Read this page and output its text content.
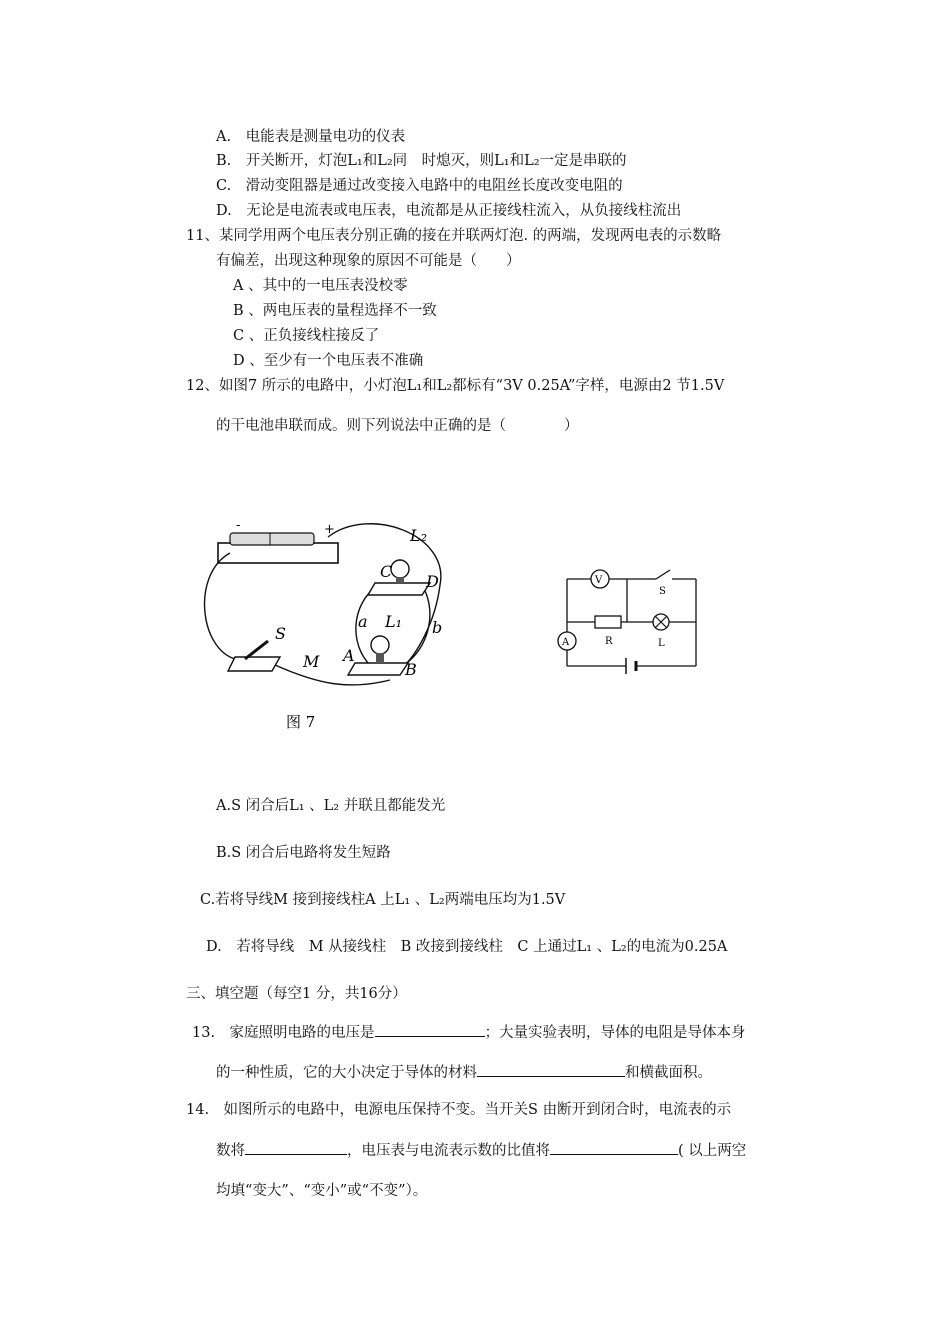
A.　电能表是测量电功的仪表
B.　开关断开，灯泡L₁和L₂同　时熄灭，则L₁和L₂一定是串联的
C.　滑动变阻器是通过改变接入电路中的电阻丝长度改变电阻的
D.　无论是电流表或电压表，电流都是从正接线柱流入，从负接线柱流出
11、某同学用两个电压表分别正确的接在并联两灯泡. 的两端，发现两电表的示数略
有偏差，出现这种现象的原因不可能是（　　）
A 、其中的一电压表没校零
B 、两电压表的量程选择不一致
C 、正负接线柱接反了
D 、至少有一个电压表不准确
12、如图7 所示的电路中，小灯泡L₁和L₂都标有“3V 0.25A”字样，电源由2 节1.5V
的干电池串联而成。则下列说法中正确的是（　　　　）
-	+	L₂
C
D
a	b
L₁
A
B
S
M
图 7
V
S
R	L
A
A.S 闭合后L₁ 、L₂ 并联且都能发光
B.S 闭合后电路将发生短路
C.若将导线M 接到接线柱A 上L₁ 、L₂两端电压均为1.5V
D.　若将导线　M 从接线柱　B 改接到接线柱　C 上通过L₁ 、L₂的电流为0.25A
三、填空题（每空1 分，共16分）
13.　家庭照明电路的电压是	；大量实验表明，导体的电阻是导体本身
的一种性质，它的大小决定于导体的材料	和横截面积。
14.　如图所示的电路中，电源电压保持不变。当开关S 由断开到闭合时，电流表的示
数将	，电压表与电流表示数的比值将	( 以上两空
均填“变大”、“变小”或“不变”）。
